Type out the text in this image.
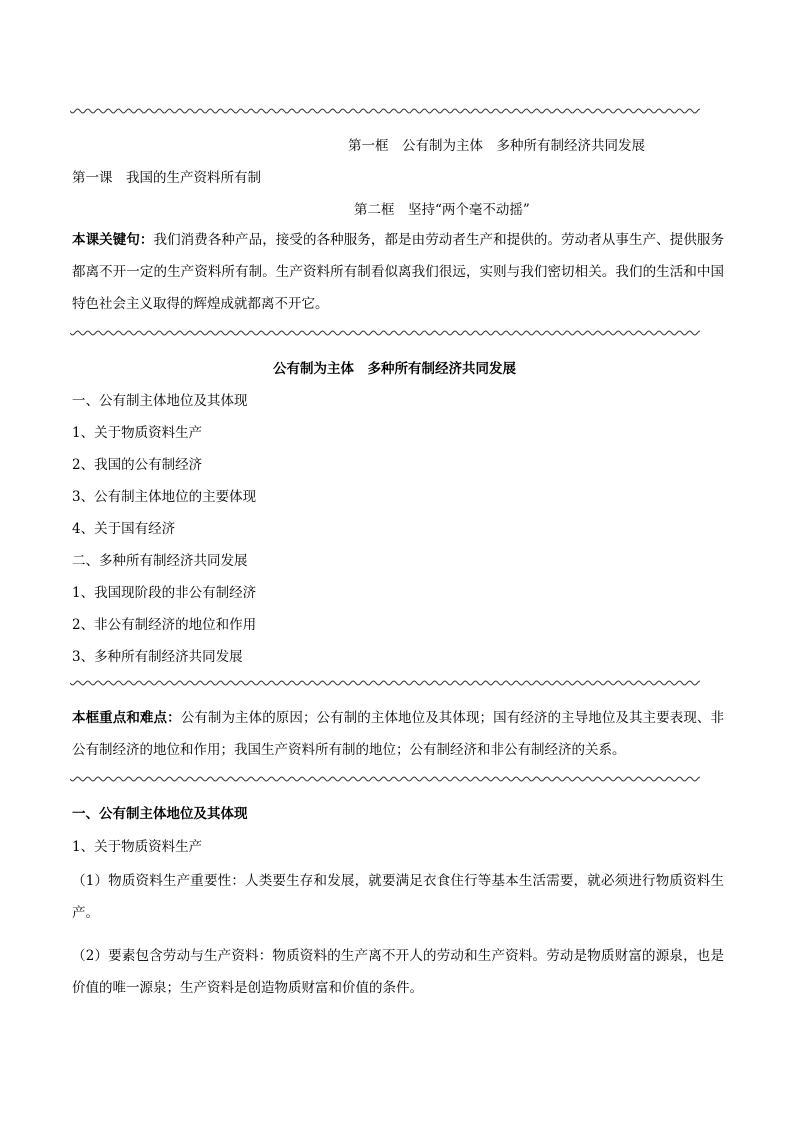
第一框　公有制为主体　多种所有制经济共同发展
第一课　我国的生产资料所有制
第二框　坚持“两个毫不动摇”
本课关键句：我们消费各种产品，接受的各种服务，都是由劳动者生产和提供的。劳动者从事生产、提供服务都离不开一定的生产资料所有制。生产资料所有制看似离我们很远，实则与我们密切相关。我们的生活和中国特色社会主义取得的辉煌成就都离不开它。
公有制为主体　多种所有制经济共同发展
一、公有制主体地位及其体现
1、关于物质资料生产
2、我国的公有制经济
3、公有制主体地位的主要体现
4、关于国有经济
二、多种所有制经济共同发展
1、我国现阶段的非公有制经济
2、非公有制经济的地位和作用
3、多种所有制经济共同发展
本框重点和难点：公有制为主体的原因；公有制的主体地位及其体现；国有经济的主导地位及其主要表现、非公有制经济的地位和作用；我国生产资料所有制的地位；公有制经济和非公有制经济的关系。
一、公有制主体地位及其体现
1、关于物质资料生产
（1）物质资料生产重要性：人类要生存和发展，就要满足衣食住行等基本生活需要，就必须进行物质资料生产。
（2）要素包含劳动与生产资料：物质资料的生产离不开人的劳动和生产资料。劳动是物质财富的源泉，也是价值的唯一源泉；生产资料是创造物质财富和价值的条件。
